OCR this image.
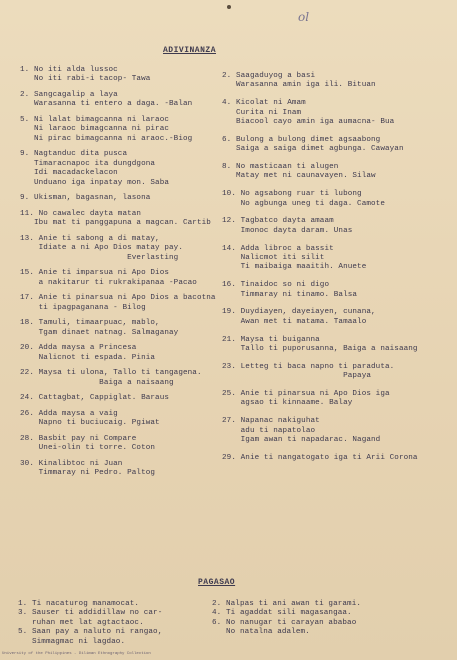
ol
ADIVINANZA
1. No iti alda lussoc
No iti rabi-i tacop- Tawa
2. Sangcagalip a laya
Warasanna ti entero a daga. -Balan
5. Ni lalat bimagcanna ni laraoc
Ni laraoc bimagcanna ni pirac
Ni pirac bimagcanna ni araoc.-Biog
9. Nagtanduc dita pusca
Timaracnapoc ita dungdgona
Idi macadackelacon
Unduano iga inpatay mon. Saba
9. Ukisman, bagasnan, lasona
11. No cawalec dayta matan
Ibu mat ti panggapuna a magcan. Cartib
13. Anie ti sabong a di matay,
Idiate a ni Apo Dios matay pay.
Everlasting
15. Anie ti imparsua ni Apo Dios
a nakitarur ti rukrakipanaa -Pacao
17. Anie ti pinarsua ni Apo Dios a bacotna
ti ipagpaganana - Bilog
18. Tamuli, timaarpuac, mablo,
Tgam dinaet natnag. Salmaganay
20. Adda maysa a Princesa
Nalicnot ti espada. Pinia
22. Maysa ti ulona, Tallo ti tangagena.
Baiga a naisaang
24. Cattagbat, Cappiglat. Baraus
26. Adda maysa a vaig
Napno ti buciucaig. Pgiwat
28. Basbit pay ni Compare
Unei-olin ti torre. Coton
30. Kinalibtoc ni Juan
Timmaray ni Pedro. Paltog
2. Saagaduyog a basi
Warasanna amin iga ili. Bituan
4. Kicolat ni Amam
Curita ni Inam
Biacool cayo amin iga aumacna- Bua
6. Bulong a bulong dimet agsaabong
Saiga a saiga dimet agbunga. Cawayan
8. No masticaan ti alugen
Matay met ni caunavayen. Silaw
10. No agsabong ruar ti lubong
No agbunga uneg ti daga. Camote
12. Tagbatco dayta amaam
Imonoc dayta daram. Unas
14. Adda libroc a bassit
Nalicmot iti silit
Ti maibaiga maaitih. Anuete
16. Tinaidoc so ni digo
Timmaray ni tinamo. Balsa
19. Duydiayen, dayeiayen, cunana,
Awan met ti matama. Tamaalo
21. Maysa ti buiganna
Tallo ti puporusanna, Baiga a naisaang
23. Letteg ti baca napno ti paraduta.
Papaya
25. Anie ti pinarsua ni Apo Dios iga
agsao ti kinnaame. Balay
27. Napanac nakiguhat
adu ti napatolao
Igam awan ti napadarac. Nagand
29. Anie ti nangatogato iga ti Arii Corona
PAGASAO
1. Ti nacaturog manamocat.
3. Sauser ti addidillaw no car-
ruhan met lat agtactaoc.
5. Saan pay a naluto ni rangao,
Simmagmac ni lagdao.
2. Nalpas ti ani awan ti garami.
4. Ti agaddat sili magasangaa.
6. No nanugar ti carayan ababao
No natalna adalem.
University of the Philippines - Diliman Ethnography Collection
